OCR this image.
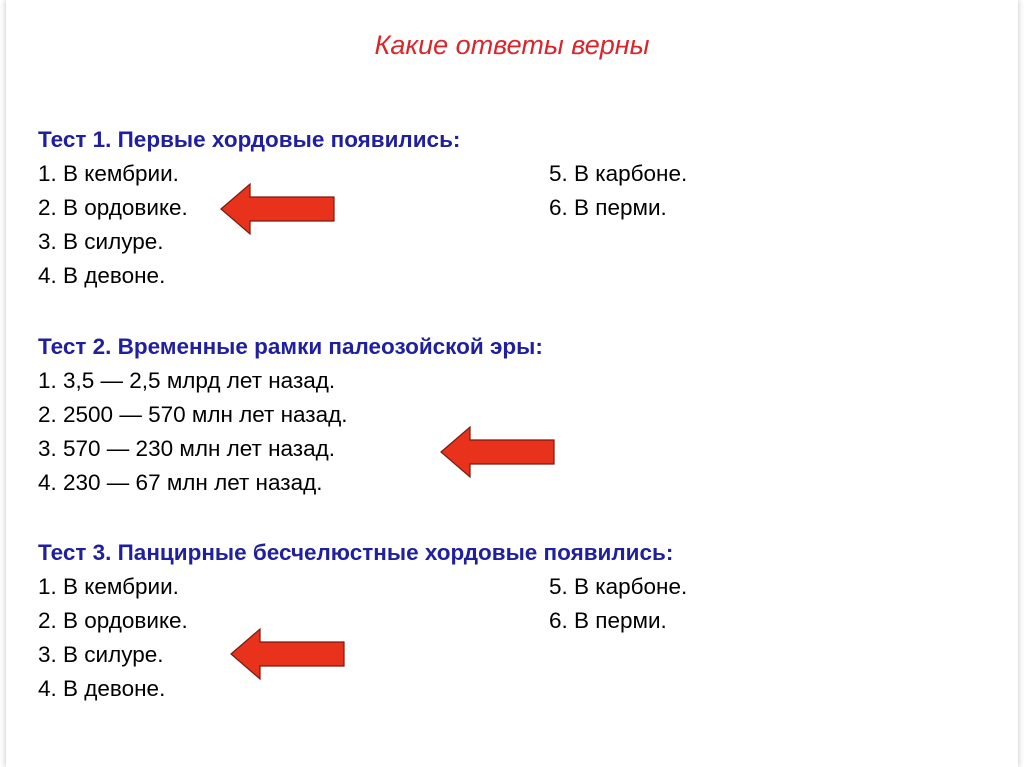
Какие ответы верны
Тест 1. Первые хордовые появились:
1. В кембрии.
2. В ордовике.
3. В силуре.
4. В девоне.
5. В карбоне.
6. В перми.
Тест 2. Временные рамки палеозойской эры:
1. 3,5 — 2,5 млрд лет назад.
2. 2500 — 570 млн лет назад.
3. 570 — 230 млн лет назад.
4. 230 — 67 млн лет назад.
Тест 3. Панцирные бесчелюстные хордовые появились:
1. В кембрии.
2. В ордовике.
3. В силуре.
4. В девоне.
5. В карбоне.
6. В перми.
